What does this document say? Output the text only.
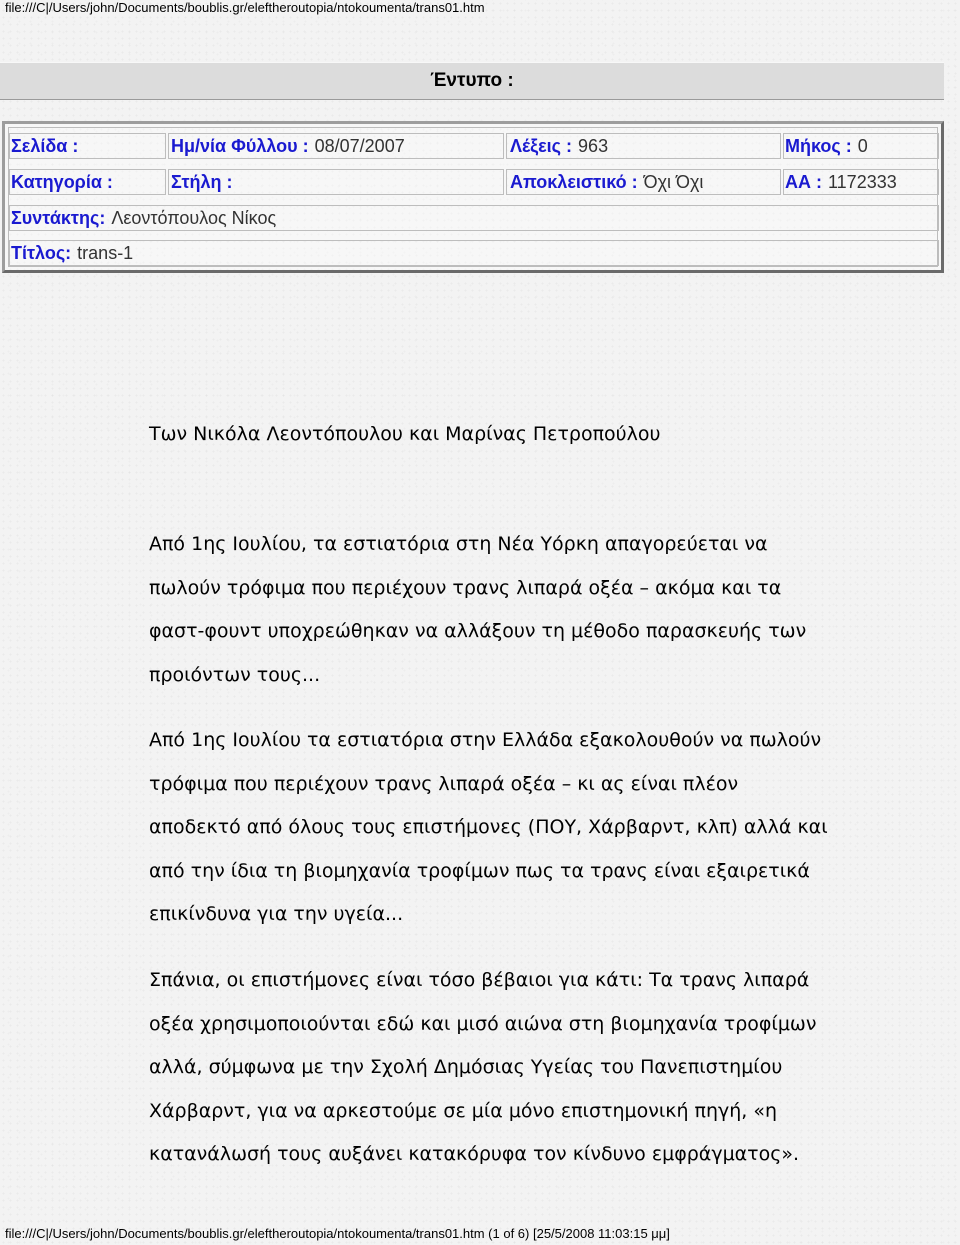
file:///C|/Users/john/Documents/boublis.gr/eleftheroutopia/ntokoumenta/trans01.htm
Έντυπο :
Σελίδα :	Ημ/νία Φύλλου : 08/07/2007	Λέξεις : 963	Μήκος : 0
Κατηγορία :	Στήλη :	Αποκλειστικό : Όχι Όχι	ΑΑ : 1172333
Συντάκτης: Λεοντόπουλος Νίκος
Τίτλος: trans-1
Των Νικόλα Λεοντόπουλου και Μαρίνας Πετροπούλου
Από 1ης Ιουλίου, τα εστιατόρια στη Νέα Υόρκη απαγορεύεται να
πωλούν τρόφιμα που περιέχουν τρανς λιπαρά οξέα – ακόμα και τα
φαστ-φουντ υποχρεώθηκαν να αλλάξουν τη μέθοδο παρασκευής των
προιόντων τους...
Από 1ης Ιουλίου τα εστιατόρια στην Ελλάδα εξακολουθούν να πωλούν
τρόφιμα που περιέχουν τρανς λιπαρά οξέα – κι ας είναι πλέον
αποδεκτό από όλους τους επιστήμονες (ΠΟΥ, Χάρβαρντ, κλπ) αλλά και
από την ίδια τη βιομηχανία τροφίμων πως τα τρανς είναι εξαιρετικά
επικίνδυνα για την υγεία...
Σπάνια, οι επιστήμονες είναι τόσο βέβαιοι για κάτι: Τα τρανς λιπαρά
οξέα χρησιμοποιούνται εδώ και μισό αιώνα στη βιομηχανία τροφίμων
αλλά, σύμφωνα με την Σχολή Δημόσιας Υγείας του Πανεπιστημίου
Χάρβαρντ, για να αρκεστούμε σε μία μόνο επιστημονική πηγή, «η
κατανάλωσή τους αυξάνει κατακόρυφα τον κίνδυνο εμφράγματος».
file:///C|/Users/john/Documents/boublis.gr/eleftheroutopia/ntokoumenta/trans01.htm (1 of 6) [25/5/2008 11:03:15 μμ]
